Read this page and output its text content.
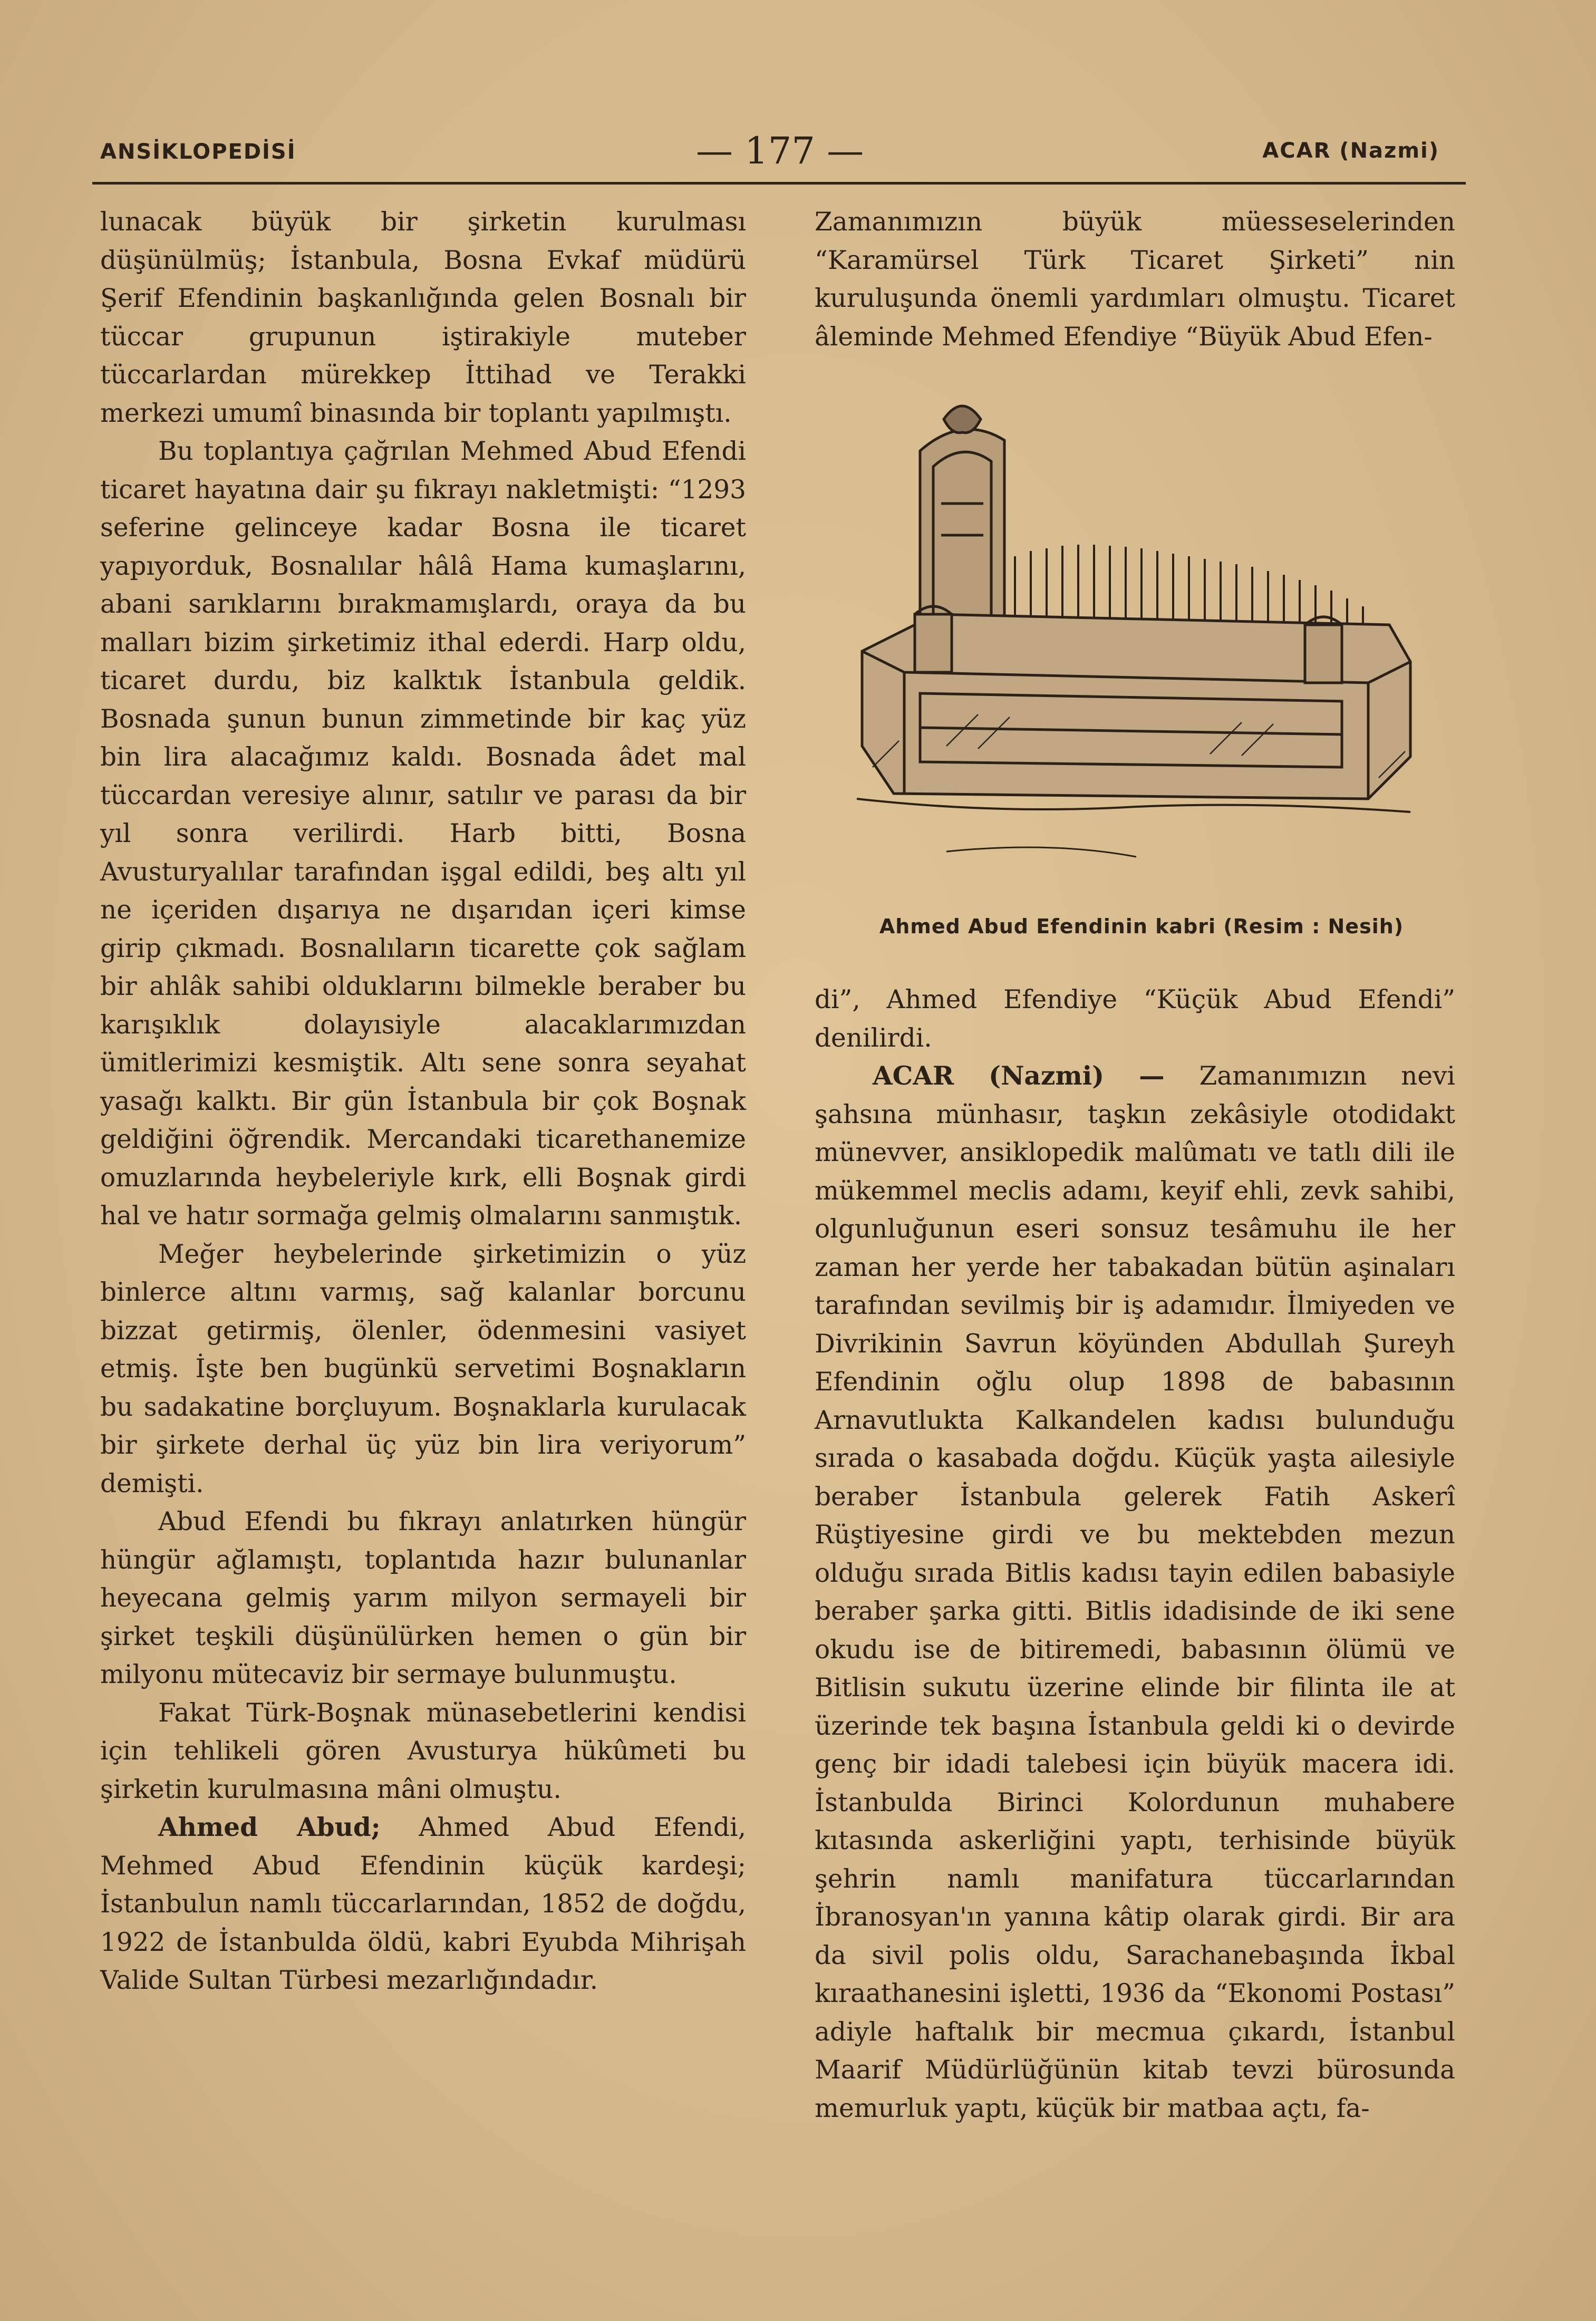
ANSİKLOPEDİSİ	— 177 —	ACAR (Nazmi)

lunacak büyük bir şirketin kurulması düşünülmüş; İstanbula, Bosna Evkaf müdürü Şerif Efendinin başkanlığında gelen Bosnalı bir tüccar grupunun iştirakiyle muteber tüccarlardan mürekkep İttihad ve Terakki merkezi umumî binasında bir toplantı yapılmıştı.

Bu toplantıya çağrılan Mehmed Abud Efendi ticaret hayatına dair şu fıkrayı nakletmişti: “1293 seferine gelinceye kadar Bosna ile ticaret yapıyorduk, Bosnalılar hâlâ Hama kumaşlarını, abani sarıklarını bırakmamışlardı, oraya da bu malları bizim şirketimiz ithal ederdi. Harp oldu, ticaret durdu, biz kalktık İstanbula geldik. Bosnada şunun bunun zimmetinde bir kaç yüz bin lira alacağımız kaldı. Bosnada âdet mal tüccardan veresiye alınır, satılır ve parası da bir yıl sonra verilirdi. Harb bitti, Bosna Avusturyalılar tarafından işgal edildi, beş altı yıl ne içeriden dışarıya ne dışarıdan içeri kimse girip çıkmadı. Bosnalıların ticarette çok sağlam bir ahlâk sahibi olduklarını bilmekle beraber bu karışıklık dolayısiyle alacaklarımızdan ümitlerimizi kesmiştik. Altı sene sonra seyahat yasağı kalktı. Bir gün İstanbula bir çok Boşnak geldiğini öğrendik. Mercandaki ticarethanemize omuzlarında heybeleriyle kırk, elli Boşnak girdi hal ve hatır sormağa gelmiş olmalarını sanmıştık.

Meğer heybelerinde şirketimizin o yüz binlerce altını varmış, sağ kalanlar borcunu bizzat getirmiş, ölenler, ödenmesini vasiyet etmiş. İşte ben bugünkü servetimi Boşnakların bu sadakatine borçluyum. Boşnaklarla kurulacak bir şirkete derhal üç yüz bin lira veriyorum” demişti.

Abud Efendi bu fıkrayı anlatırken hüngür hüngür ağlamıştı, toplantıda hazır bulunanlar heyecana gelmiş yarım milyon sermayeli bir şirket teşkili düşünülürken hemen o gün bir milyonu mütecaviz bir sermaye bulunmuştu.

Fakat Türk-Boşnak münasebetlerini kendisi için tehlikeli gören Avusturya hükûmeti bu şirketin kurulmasına mâni olmuştu.

Ahmed Abud; Ahmed Abud Efendi, Mehmed Abud Efendinin küçük kardeşi; İstanbulun namlı tüccarlarından, 1852 de doğdu, 1922 de İstanbulda öldü, kabri Eyubda Mihrişah Valide Sultan Türbesi mezarlığındadır.

Zamanımızın büyük müesseselerinden “Karamürsel Türk Ticaret Şirketi” nin kuruluşunda önemli yardımları olmuştu. Ticaret âleminde Mehmed Efendiye “Büyük Abud Efen-

Ahmed Abud Efendinin kabri (Resim : Nesih)

di”, Ahmed Efendiye “Küçük Abud Efendi” denilirdi.

ACAR (Nazmi) — Zamanımızın nevi şahsına münhasır, taşkın zekâsiyle otodidakt münevver, ansiklopedik malûmatı ve tatlı dili ile mükemmel meclis adamı, keyif ehli, zevk sahibi, olgunluğunun eseri sonsuz tesâmuhu ile her zaman her yerde her tabakadan bütün aşinaları tarafından sevilmiş bir iş adamıdır. İlmiyeden ve Divrikinin Savrun köyünden Abdullah Şureyh Efendinin oğlu olup 1898 de babasının Arnavutlukta Kalkandelen kadısı bulunduğu sırada o kasabada doğdu. Küçük yaşta ailesiyle beraber İstanbula gelerek Fatih Askerî Rüştiyesine girdi ve bu mektebden mezun olduğu sırada Bitlis kadısı tayin edilen babasiyle beraber şarka gitti. Bitlis idadisinde de iki sene okudu ise de bitiremedi, babasının ölümü ve Bitlisin sukutu üzerine elinde bir filinta ile at üzerinde tek başına İstanbula geldi ki o devirde genç bir idadi talebesi için büyük macera idi. İstanbulda Birinci Kolordunun muhabere kıtasında askerliğini yaptı, terhisinde büyük şehrin namlı manifatura tüccarlarından İbranosyan'ın yanına kâtip olarak girdi. Bir ara da sivil polis oldu, Sarachanebaşında İkbal kıraathanesini işletti, 1936 da “Ekonomi Postası” adiyle haftalık bir mecmua çıkardı, İstanbul Maarif Müdürlüğünün kitab tevzi bürosunda memurluk yaptı, küçük bir matbaa açtı, fa-
